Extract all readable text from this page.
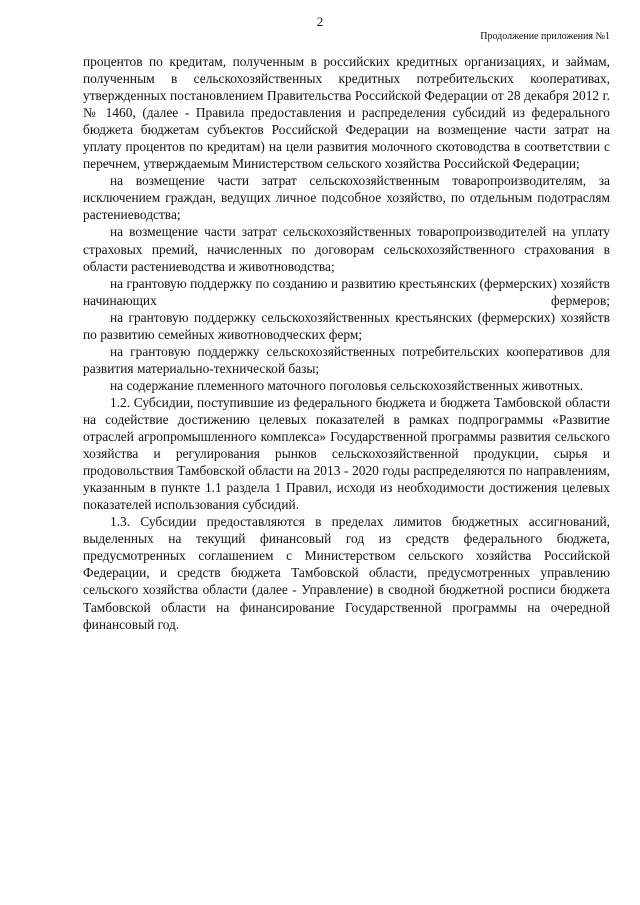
2
Продолжение приложения №1

процентов по кредитам, полученным в российских кредитных организациях, и займам, полученным в сельскохозяйственных кредитных потребительских кооперативах, утвержденных постановлением Правительства Российской Федерации от 28 декабря 2012 г. № 1460, (далее - Правила предоставления и распределения субсидий из федерального бюджета бюджетам субъектов Российской Федерации на возмещение части затрат на уплату процентов по кредитам) на цели развития молочного скотоводства в соответствии с перечнем, утверждаемым Министерством сельского хозяйства Российской Федерации;

на возмещение части затрат сельскохозяйственным товаропроизводителям, за исключением граждан, ведущих личное подсобное хозяйство, по отдельным подотраслям растениеводства;

на возмещение части затрат сельскохозяйственных товаропроизводителей на уплату страховых премий, начисленных по договорам сельскохозяйственного страхования в области растениеводства и животноводства;

на грантовую поддержку по созданию и развитию крестьянских (фермерских) хозяйств начинающих фермеров;

на грантовую поддержку сельскохозяйственных крестьянских (фермерских) хозяйств по развитию семейных животноводческих ферм;

на грантовую поддержку сельскохозяйственных потребительских кооперативов для развития материально-технической базы;

на содержание племенного маточного поголовья сельскохозяйственных животных.

1.2. Субсидии, поступившие из федерального бюджета и бюджета Тамбовской области на содействие достижению целевых показателей в рамках подпрограммы «Развитие отраслей агропромышленного комплекса» Государственной программы развития сельского хозяйства и регулирования рынков сельскохозяйственной продукции, сырья и продовольствия Тамбовской области на 2013 - 2020 годы распределяются по направлениям, указанным в пункте 1.1 раздела 1 Правил, исходя из необходимости достижения целевых показателей использования субсидий.

1.3. Субсидии предоставляются в пределах лимитов бюджетных ассигнований, выделенных на текущий финансовый год из средств федерального бюджета, предусмотренных соглашением с Министерством сельского хозяйства Российской Федерации, и средств бюджета Тамбовской области, предусмотренных управлению сельского хозяйства области (далее - Управление) в сводной бюджетной росписи бюджета Тамбовской области на финансирование Государственной программы на очередной финансовый год.
